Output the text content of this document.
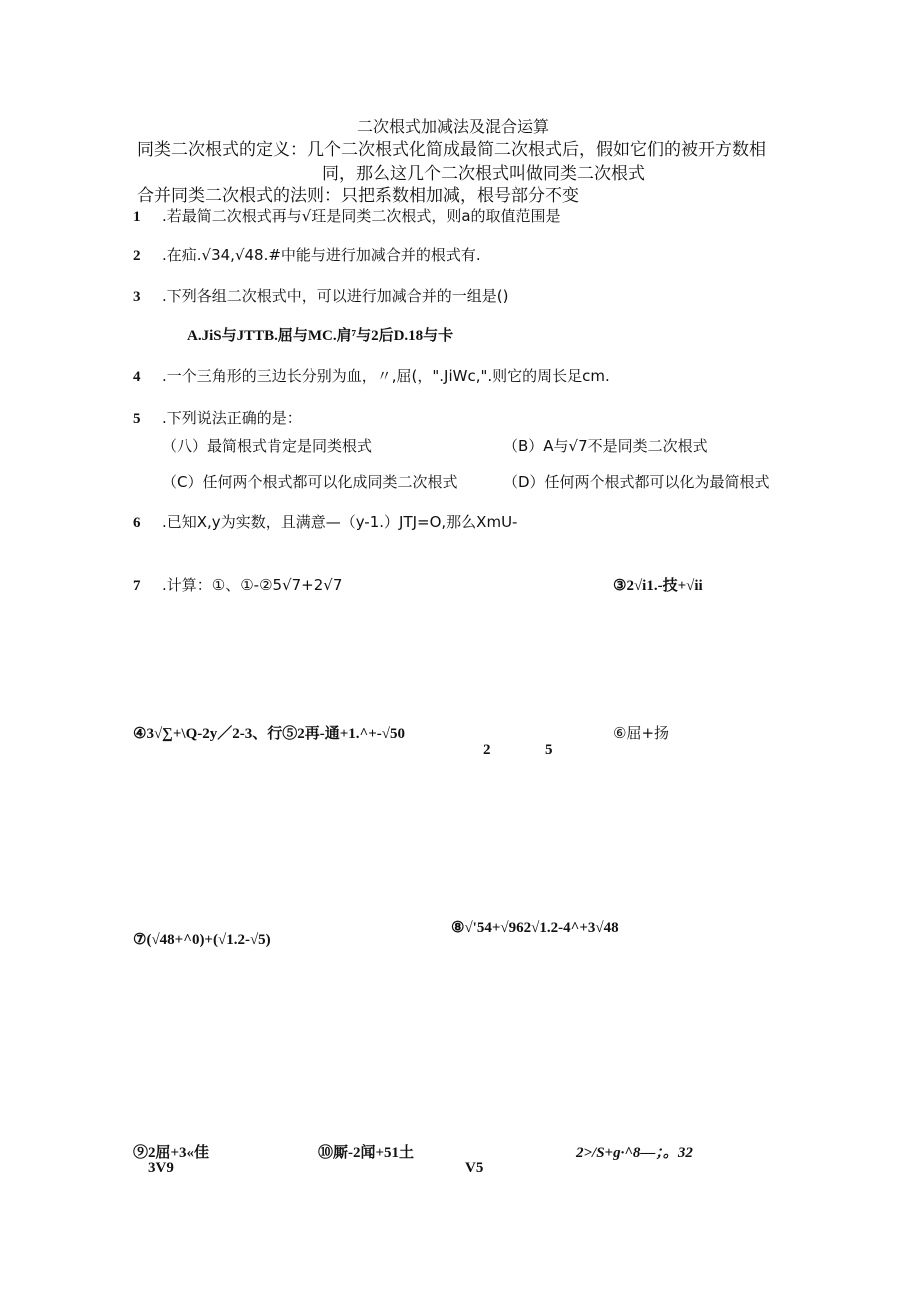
二次根式加减法及混合运算
同类二次根式的定义：几个二次根式化简成最简二次根式后，假如它们的被开方数相
同，那么这几个二次根式叫做同类二次根式
合并同类二次根式的法则：只把系数相加减，根号部分不变
1 .若最简二次根式再与√玨是同类二次根式，则a的取值范围是
2 .在疝.√34,√48.#中能与进行加减合并的根式有.
3 .下列各组二次根式中，可以进行加减合并的一组是()
A.JiS与JTTB.屈与MC.肩⁷与2后D.18与卡
4 .一个三角形的三边长分别为血，〃,屈(，".JiWc,".则它的周长足cm.
5 .下列说法正确的是：
（八）最简根式肯定是同类根式	（B）A与√7不是同类二次根式
（C）任何两个根式都可以化成同类二次根式	（D）任何两个根式都可以化为最简根式
6 .已知X,y为实数，且满意—（y-1.）JTJ=O,那么XmU-
7 .计算：①、①-②5√7+2√7	③2√i1.-技+√ii
④3√∑+\Q-2y／2-3、行⑤2再-通+1.^+-√50
2	5
⑥屈+扬
⑧√'54+√962√1.2-4^+3√48
⑦(√48+^0)+(√1.2-√5)
⑨2屈+3«佳
3V9
⑩厮-2闻+51土
V5
2>/S+g·^8—；。32
